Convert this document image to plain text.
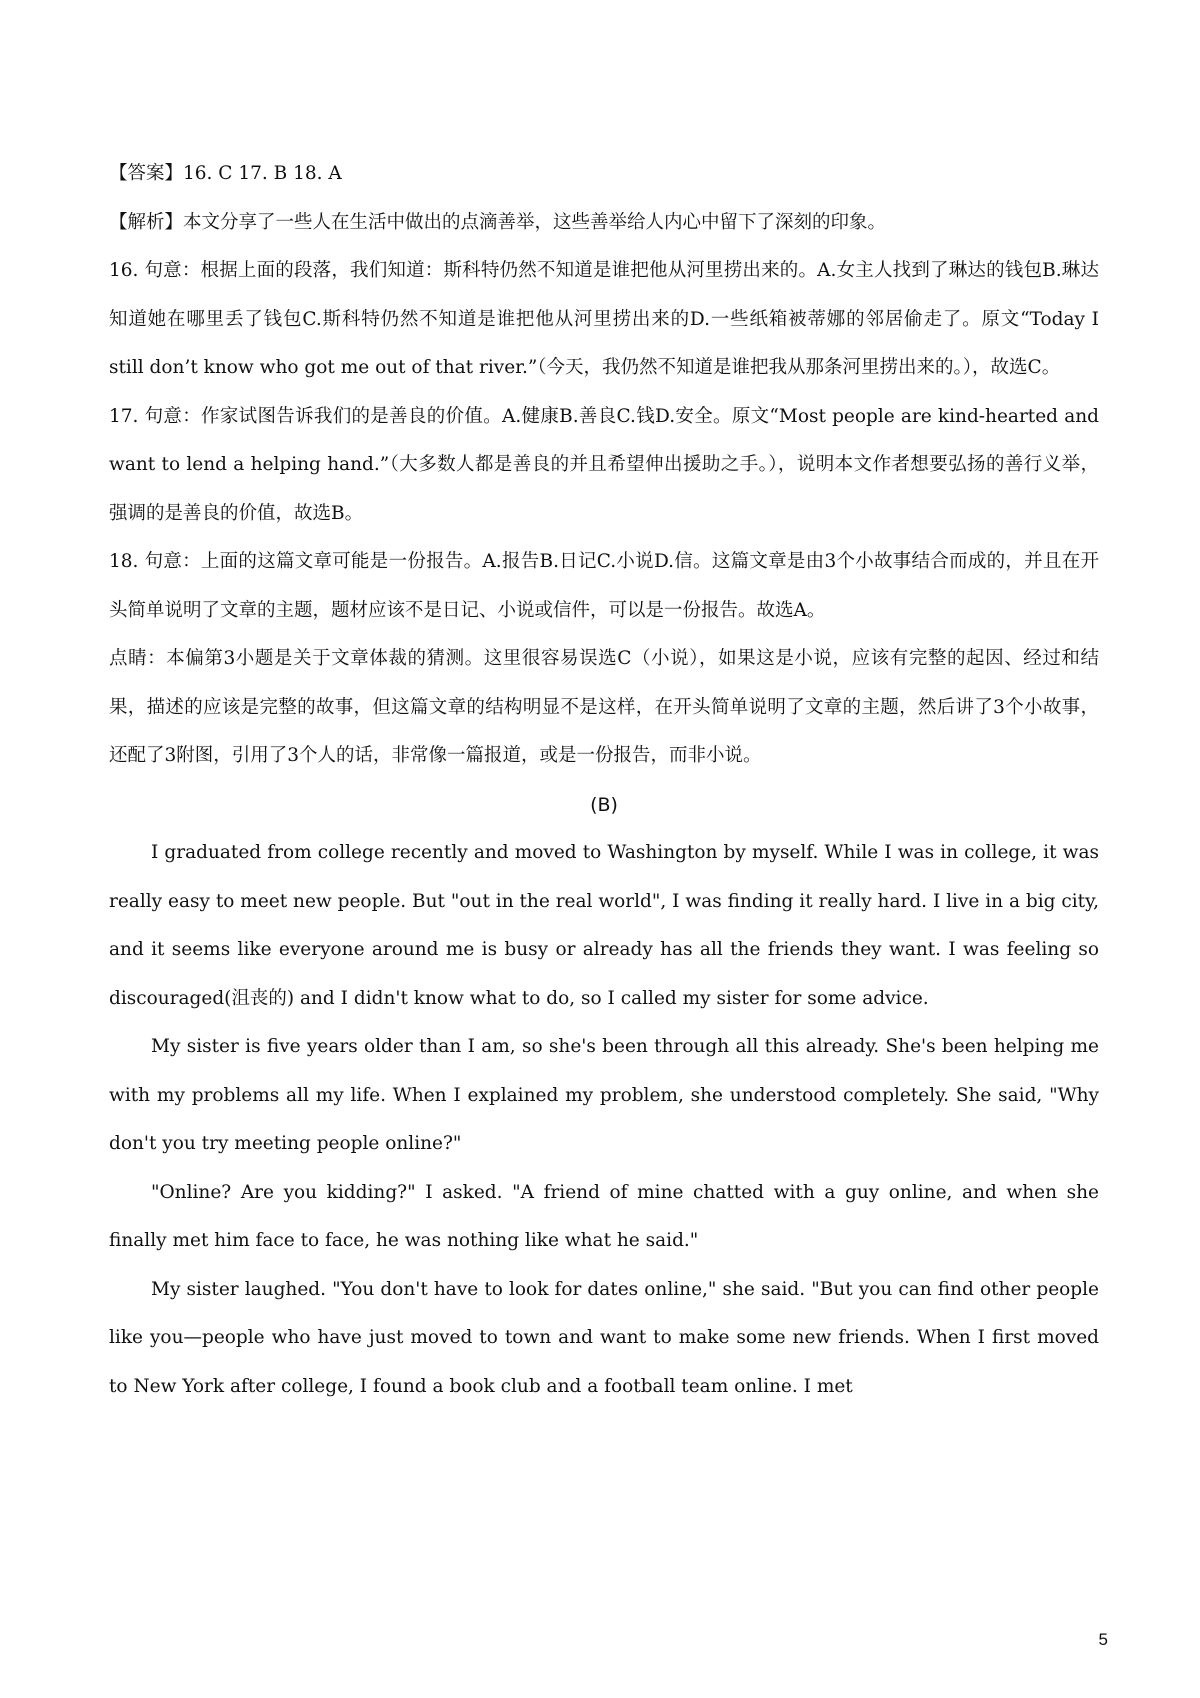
【答案】16. C 17. B 18. A

【解析】本文分享了一些人在生活中做出的点滴善举，这些善举给人内心中留下了深刻的印象。

16. 句意：根据上面的段落，我们知道：斯科特仍然不知道是谁把他从河里捞出来的。A.女主人找到了琳达的钱包B.琳达知道她在哪里丢了钱包C.斯科特仍然不知道是谁把他从河里捞出来的D.一些纸箱被蒂娜的邻居偷走了。原文“Today I still don’t know who got me out of that river.”（今天，我仍然不知道是谁把我从那条河里捞出来的。），故选C。

17. 句意：作家试图告诉我们的是善良的价值。A.健康B.善良C.钱D.安全。原文“Most people are kind-hearted and want to lend a helping hand.”（大多数人都是善良的并且希望伸出援助之手。），说明本文作者想要弘扬的善行义举，强调的是善良的价值，故选B。

18. 句意：上面的这篇文章可能是一份报告。A.报告B.日记C.小说D.信。这篇文章是由3个小故事结合而成的，并且在开头简单说明了文章的主题，题材应该不是日记、小说或信件，可以是一份报告。故选A。

点睛：本偏第3小题是关于文章体裁的猜测。这里很容易误选C（小说），如果这是小说，应该有完整的起因、经过和结果，描述的应该是完整的故事，但这篇文章的结构明显不是这样，在开头简单说明了文章的主题，然后讲了3个小故事，还配了3附图，引用了3个人的话，非常像一篇报道，或是一份报告，而非小说。

(B)

I graduated from college recently and moved to Washington by myself. While I was in college, it was really easy to meet new people. But "out in the real world", I was finding it really hard. I live in a big city, and it seems like everyone around me is busy or already has all the friends they want. I was feeling so discouraged(沮丧的) and I didn't know what to do, so I called my sister for some advice.

My sister is five years older than I am, so she's been through all this already. She's been helping me with my problems all my life. When I explained my problem, she understood completely. She said, "Why don't you try meeting people online?"

"Online? Are you kidding?" I asked. "A friend of mine chatted with a guy online, and when she finally met him face to face, he was nothing like what he said."

My sister laughed. "You don't have to look for dates online," she said. "But you can find other people like you—people who have just moved to town and want to make some new friends. When I first moved to New York after college, I found a book club and a football team online. I met

5
